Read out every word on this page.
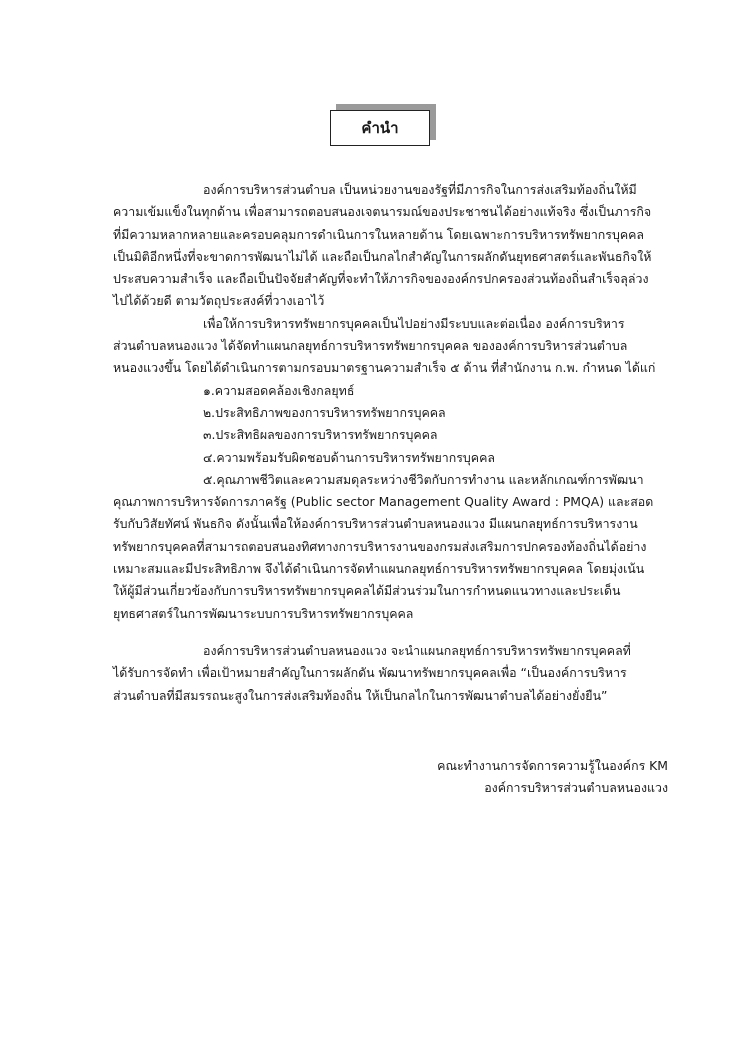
คำนำ
องค์การบริหารส่วนตำบล เป็นหน่วยงานของรัฐที่มีภารกิจในการส่งเสริมท้องถิ่นให้มี
ความเข้มแข็งในทุกด้าน เพื่อสามารถตอบสนองเจตนารมณ์ของประชาชนได้อย่างแท้จริง ซึ่งเป็นภารกิจ
ที่มีความหลากหลายและครอบคลุมการดำเนินการในหลายด้าน โดยเฉพาะการบริหารทรัพยากรบุคคล
เป็นมิติอีกหนึ่งที่จะขาดการพัฒนาไม่ได้ และถือเป็นกลไกสำคัญในการผลักดันยุทธศาสตร์และพันธกิจให้
ประสบความสำเร็จ และถือเป็นปัจจัยสำคัญที่จะทำให้ภารกิจขององค์กรปกครองส่วนท้องถิ่นสำเร็จลุล่วง
ไปได้ด้วยดี ตามวัตถุประสงค์ที่วางเอาไว้
เพื่อให้การบริหารทรัพยากรบุคคลเป็นไปอย่างมีระบบและต่อเนื่อง องค์การบริหาร
ส่วนตำบลหนองแวง ได้จัดทำแผนกลยุทธ์การบริหารทรัพยากรบุคคล ขององค์การบริหารส่วนตำบล
หนองแวงขึ้น โดยได้ดำเนินการตามกรอบมาตรฐานความสำเร็จ ๕ ด้าน ที่สำนักงาน ก.พ. กำหนด ได้แก่
๑.ความสอดคล้องเชิงกลยุทธ์
๒.ประสิทธิภาพของการบริหารทรัพยากรบุคคล
๓.ประสิทธิผลของการบริหารทรัพยากรบุคคล
๔.ความพร้อมรับผิดชอบด้านการบริหารทรัพยากรบุคคล
๕.คุณภาพชีวิตและความสมดุลระหว่างชีวิตกับการทำงาน และหลักเกณฑ์การพัฒนา
คุณภาพการบริหารจัดการภาครัฐ (Public sector Management Quality Award : PMQA) และสอด
รับกับวิสัยทัศน์ พันธกิจ ดังนั้นเพื่อให้องค์การบริหารส่วนตำบลหนองแวง มีแผนกลยุทธ์การบริหารงาน
ทรัพยากรบุคคลที่สามารถตอบสนองทิศทางการบริหารงานของกรมส่งเสริมการปกครองท้องถิ่นได้อย่าง
เหมาะสมและมีประสิทธิภาพ จึงได้ดำเนินการจัดทำแผนกลยุทธ์การบริหารทรัพยากรบุคคล โดยมุ่งเน้น
ให้ผู้มีส่วนเกี่ยวข้องกับการบริหารทรัพยากรบุคคลได้มีส่วนร่วมในการกำหนดแนวทางและประเด็น
ยุทธศาสตร์ในการพัฒนาระบบการบริหารทรัพยากรบุคคล
องค์การบริหารส่วนตำบลหนองแวง จะนำแผนกลยุทธ์การบริหารทรัพยากรบุคคลที่
ได้รับการจัดทำ เพื่อเป้าหมายสำคัญในการผลักดัน พัฒนาทรัพยากรบุคคลเพื่อ “เป็นองค์การบริหาร
ส่วนตำบลที่มีสมรรถนะสูงในการส่งเสริมท้องถิ่น ให้เป็นกลไกในการพัฒนาตำบลได้อย่างยั่งยืน”
คณะทำงานการจัดการความรู้ในองค์กร KM
องค์การบริหารส่วนตำบลหนองแวง
